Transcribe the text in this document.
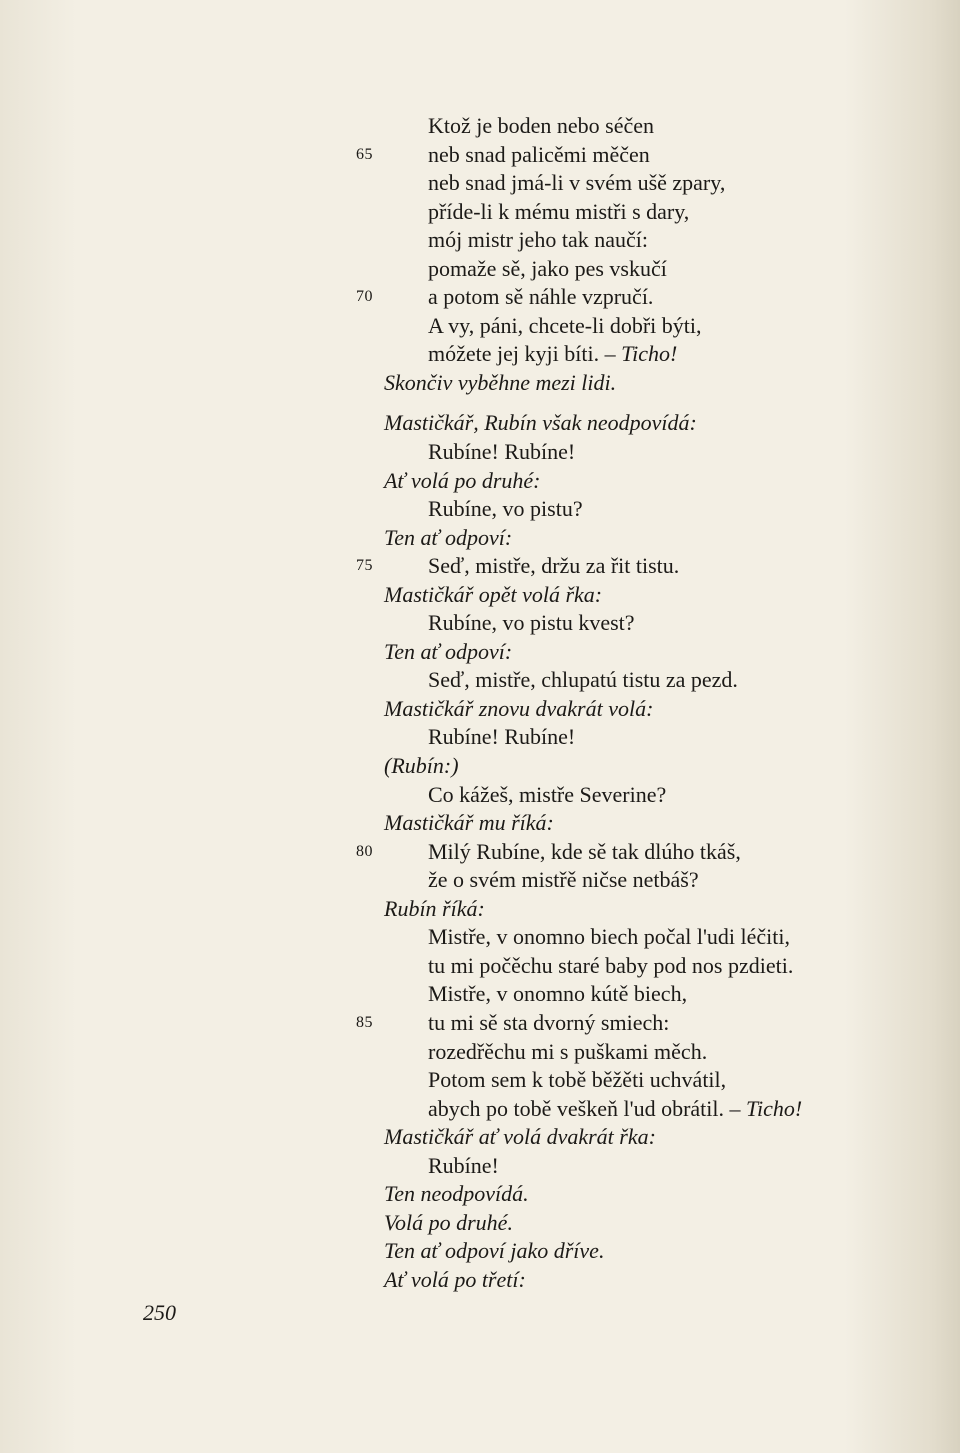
Ktož je boden nebo séčen
65	neb snad palicěmi měčen
neb snad jmá-li v svém ušě zpary,
příde-li k mému mistři s dary,
mój mistr jeho tak naučí:
pomaže sě, jako pes vskučí
70	a potom sě náhle vzpručí.
A vy, páni, chcete-li dobři býti,
móžete jej kyji bíti. – Ticho!
Skončiv vyběhne mezi lidi.
Mastičkář, Rubín však neodpovídá:
Rubíne! Rubíne!
Ať volá po druhé:
Rubíne, vo pistu?
Ten ať odpoví:
75	Seď, mistře, držu za řit tistu.
Mastičkář opět volá řka:
Rubíne, vo pistu kvest?
Ten ať odpoví:
Seď, mistře, chlupatú tistu za pezd.
Mastičkář znovu dvakrát volá:
Rubíne! Rubíne!
(Rubín:)
Co kážeš, mistře Severine?
Mastičkář mu říká:
80	Milý Rubíne, kde sě tak dlúho tkáš,
že o svém mistřě ničse netbáš?
Rubín říká:
Mistře, v onomno biech počal l'udi léčiti,
tu mi počěchu staré baby pod nos pzdieti.
Mistře, v onomno kútě biech,
85	tu mi sě sta dvorný smiech:
rozedřěchu mi s puškami měch.
Potom sem k tobě běžěti uchvátil,
abych po tobě veškeň l'ud obrátil. – Ticho!
Mastičkář ať volá dvakrát řka:
Rubíne!
Ten neodpovídá.
Volá po druhé.
Ten ať odpoví jako dříve.
Ať volá po třetí:
250
